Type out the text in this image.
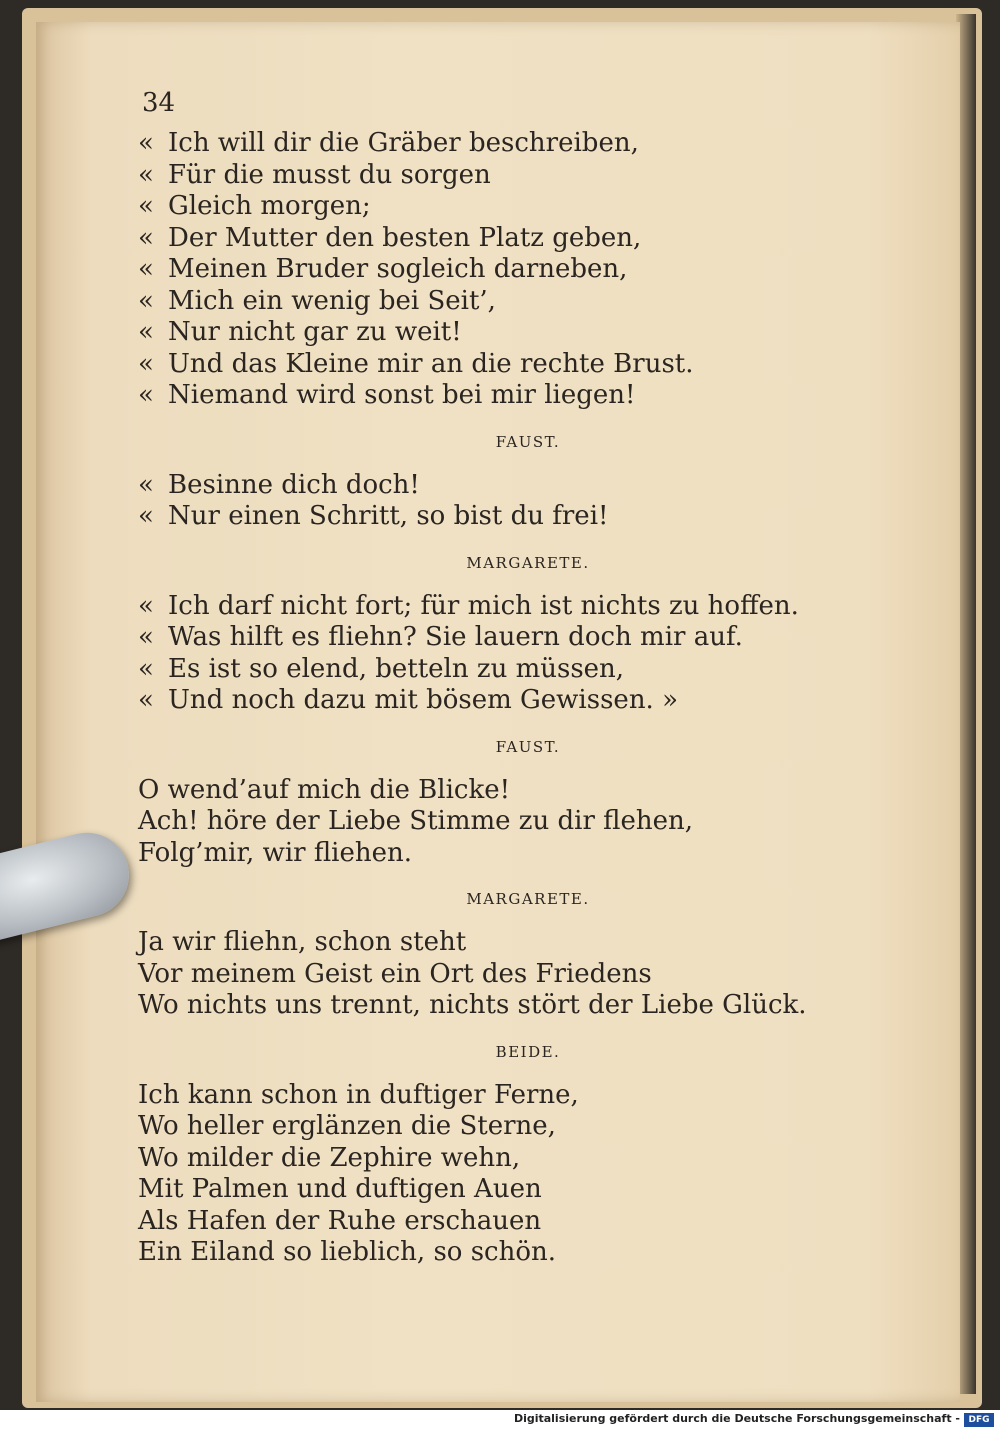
34
« Ich will dir die Gräber beschreiben,
« Für die musst du sorgen
« Gleich morgen;
« Der Mutter den besten Platz geben,
« Meinen Bruder sogleich darneben,
« Mich ein wenig bei Seit’,
« Nur nicht gar zu weit!
« Und das Kleine mir an die rechte Brust.
« Niemand wird sonst bei mir liegen!
FAUST.
« Besinne dich doch!
« Nur einen Schritt, so bist du frei!
MARGARETE.
« Ich darf nicht fort; für mich ist nichts zu hoffen.
« Was hilft es fliehn? Sie lauern doch mir auf.
« Es ist so elend, betteln zu müssen,
« Und noch dazu mit bösem Gewissen. »
FAUST.
O wend’auf mich die Blicke!
Ach! höre der Liebe Stimme zu dir flehen,
Folg’mir, wir fliehen.
MARGARETE.
Ja wir fliehn, schon steht
Vor meinem Geist ein Ort des Friedens
Wo nichts uns trennt, nichts stört der Liebe Glück.
BEIDE.
Ich kann schon in duftiger Ferne,
Wo heller erglänzen die Sterne,
Wo milder die Zephire wehn,
Mit Palmen und duftigen Auen
Als Hafen der Ruhe erschauen
Ein Eiland so lieblich, so schön.
Digitalisierung gefördert durch die Deutsche Forschungsgemeinschaft - DFG
